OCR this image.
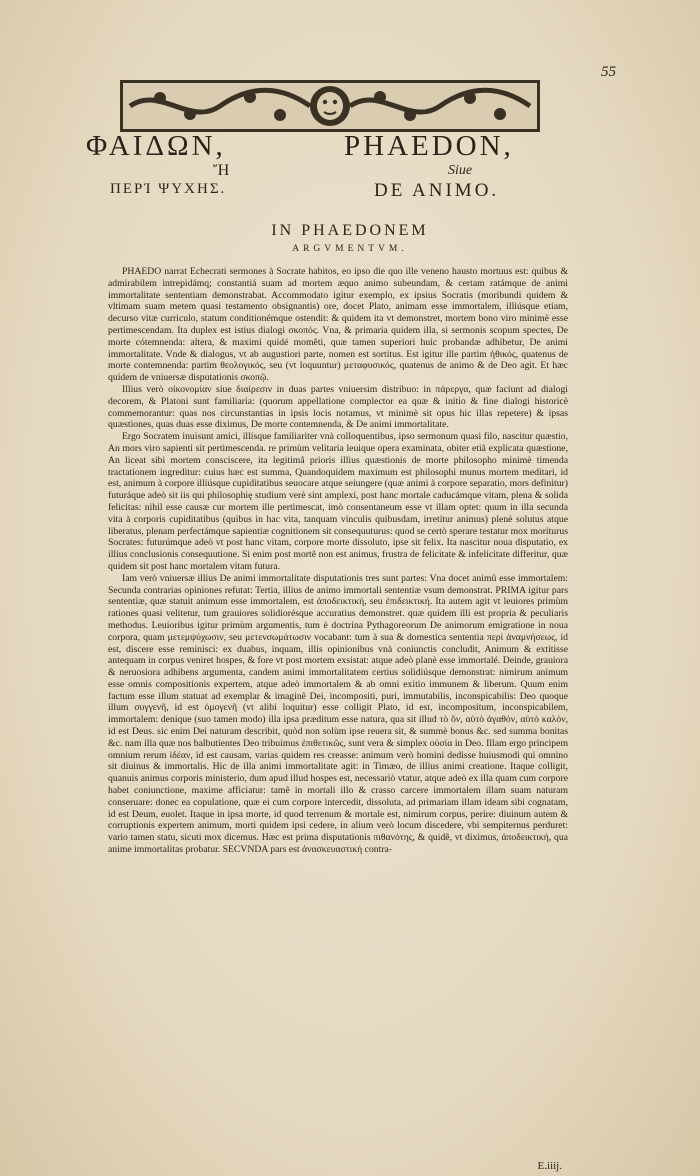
55
ΦΑΙΔΩΝ,	PHAEDON,
Ἤ	Siue
ΠΕΡΊ ΨΥΧΗΣ.	DE ANIMO.
IN PHAEDONEM
ARGVMENTVM.

PHAEDO narrat Echecrati sermones à Socrate habitos, eo ipso die quo ille veneno hausto mortuus est: quibus & admirabilem intrepidámq; constantiá suam ad mortem æquo animo subeundam, & certam ratámque de animi immortalitate sententiam demonstrabat. Accommodato igitur exemplo, ex ipsius Socratis (moribundi quidem & vltimam suam metem quasi testamento obsignantis) ore, docet Plato, animam esse immortalem, illiúsque etiam, decurso vitæ curriculo, statum conditionémque ostendit: & quidem ita vt demonstret, mortem bono viro minimè esse pertimescendam. Ita duplex est istius dialogi σκοπός. Vna, & primaria quidem illa, si sermonis scopum spectes, De morte cótemnenda: altera, & maximi quidé momẽti, quæ tamen superiori huic probandæ adhibetur, De animi immortalitate. Vnde & dialogus, vt ab augustiori parte, nomen est sortitus. Est igitur ille partim ἠθικός, quatenus de morte contemnenda: partim θεολογικός, seu (vt loquuntur) μεταφυσικός, quatenus de animo & de Deo agit. Et hæc quidem de vniuersæ disputationis σκοπῷ.

Illius verò οἰκονομίαν siue διαίρεσιν in duas partes vniuersim distribuo: in πάρεργα, quæ faciunt ad dialogi decorem, & Platoni sunt familiaria: (quorum appellatione complector ea quæ & initio & fine dialogi historicè commemorantur: quas nos circunstantias in ipsis locis notamus, vt minimè sit opus hic illas repetere) & ipsas quæstiones, quas duas esse diximus, De morte contemnenda, & De animi immortalitate.

Ergo Socratem inuisunt amici, illísque familiariter vnà colloquentibus, ipso sermonum quasi filo, nascitur quæstio, An mors viro sapienti sit pertimescenda. re primùm velitaria leuique opera examinata, obiter etiã explicata quæstione, An liceat sibi mortem consciscere, ita legitimâ prioris illius quæstionis de morte philosopho minimè timenda tractationem ingreditur: cuius hæc est summa, Quandoquidem maximum est philosophi munus mortem meditari, id est, animum à corpore illiúsque cupiditatibus seuocare atque seiungere (quæ animi à corpore separatio, mors definitur) futuráque adeò sit iis qui philosophię studium verè sint amplexi, post hanc mortale caducámque vitam, plena & solida felicitas: nihil esse causæ cur mortem ille pertimescat, imò consentaneum esse vt illam optet: quum in illa secunda vita à corporis cupiditatibus (quibus in hac vita, tanquam vinculis quibusdam, irretitur animus) plenè solutus atque liberatus, plenam perfectámque sapientiæ cognitionem sit consequuturus: quod se certò sperare testatur mox moriturus Socrates: futurúmque adeò vt post hanc vitam, corpore morte dissoluto, ipse sit felix. Ita nascitur noua disputatio, ex illius conclusionis consequutione. Si enim post mortẽ non est animus, frustra de felicitate & infelicitate differitur, quæ quidem sit post hanc mortalem vitam futura.

Iam verò vniuersæ illius De animi immortalitate disputationis tres sunt partes: Vna docet animũ esse immortalem: Secunda contrarias opiniones refutat: Tertia, illius de animo immortali sententiæ vsum demonstrat. PRIMA igitur pars sententiæ, quæ statuit animum esse immortalem, est ἀποδεικτική, seu ἐπιδεικτική. Ita autem agit vt leuiores primùm rationes quasi velitetur, tum grauiores solidiorésque accuratius demonstret. quæ quidem illi est propria & peculiaris methodus. Leuioribus igitur primùm argumentis, tum è doctrina Pythagoreorum De animorum emigratione in noua corpora, quam μετεμψύχωσιν, seu μετενσωμάτωσιν vocabant: tum à sua & domestica sententia περὶ ἀναμνήσεως, id est, discere esse reminisci: ex duabus, inquam, illis opinionibus vnà coniunctis concludit, Animum & extitisse antequam in corpus veniret hospes, & fore vt post mortem exsistat: atque adeò planè esse immortalé. Deinde, grauiora & neruosiora adhibens argumenta, candem animi immortalitatem certius solidiúsque demonstrat: nimirum animum esse omnis compositionis expertem, atque adeò immortalem & ab omni exitio immunem & liberum. Quum enim factum esse illum statuat ad exemplar & imaginẽ Dei, incompositi, puri, immutabilis, inconspicabilis: Deo quoque illum συγγενῆ, id est ὁμογενῆ (vt alibi loquitur) esse colligit Plato, id est, incompositum, inconspicabilem, immortalem: denique (suo tamen modo) illa ipsa præditum esse natura, qua sit illud τὸ ὄν, αὐτὸ ἀγαθόν, αὐτὸ καλόν, id est Deus. sic enim Dei naturam describit, quòd non solùm ipse reuera sit, & summè bonus &c. sed summa bonitas &c. nam illa quæ nos balbutientes Deo tribuimus ἐπιθετικῶς, sunt vera & simplex οὐσία in Deo. Illam ergo principem omnium rerum ἰδέαν, id est causam, varias quidem res creasse: animum verò homini dedisse huiusmodi qui omnino sit diuinus & immortalis. Hic de illa animi immortalitate agit: in Timæo, de illius animi creatione. Itaque colligit, quanuis animus corporis ministerio, dum apud illud hospes est, necessariò vtatur, atque adeò ex illa quam cum corpore habet coniunctione, maxime afficiatur: tamẽ in mortali illo & crasso carcere immortalem illam suam naturam conseruare: donec ea copulatione, quæ ei cum corpore intercedit, dissoluta, ad primariam illam ideam sibi cognatam, id est Deum, euolet. Itaque in ipsa morte, id quod terrenum & mortale est, nimirum corpus, perire: diuinum autem & corruptionis expertem animum, morti quidem ipsi cedere, in alium verò locum discedere, vbi sempiternus perduret: vario tamen statu, sicuti mox dicemus. Hæc est prima disputationis πιθανότης, & quidẽ, vt diximus, ἀποδεικτική, qua anime immortalitas probatur. SECVNDA pars est ἀνασκευαστική contra-

E.iiij.
